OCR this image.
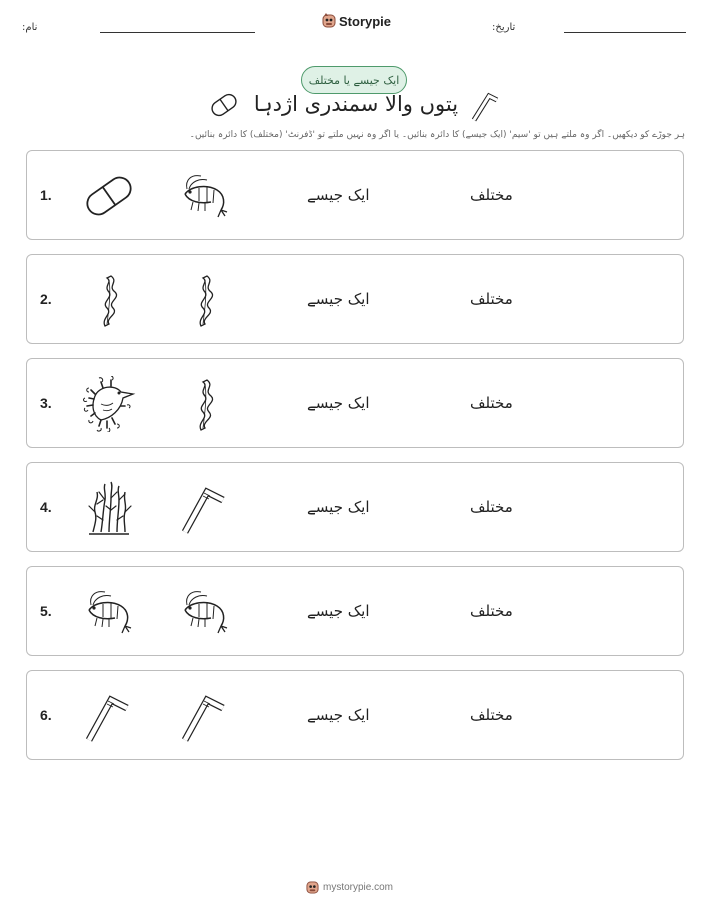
:نام	Storypie	:تاریخ
ایک جیسے یا مختلف
پتوں والا سمندری اژدہا
ہر جوڑے کو دیکھیں۔ اگر وہ ملتے ہیں تو 'سیم' (ایک جیسے) کا دائرہ بنائیں۔ یا اگر وہ نہیں ملتے تو 'ڈفرنٹ' (مختلف) کا دائرہ بنائیں۔
1.	ایک جیسے	مختلف
2.	ایک جیسے	مختلف
3.	ایک جیسے	مختلف
4.	ایک جیسے	مختلف
5.	ایک جیسے	مختلف
6.	ایک جیسے	مختلف
mystorypie.com
